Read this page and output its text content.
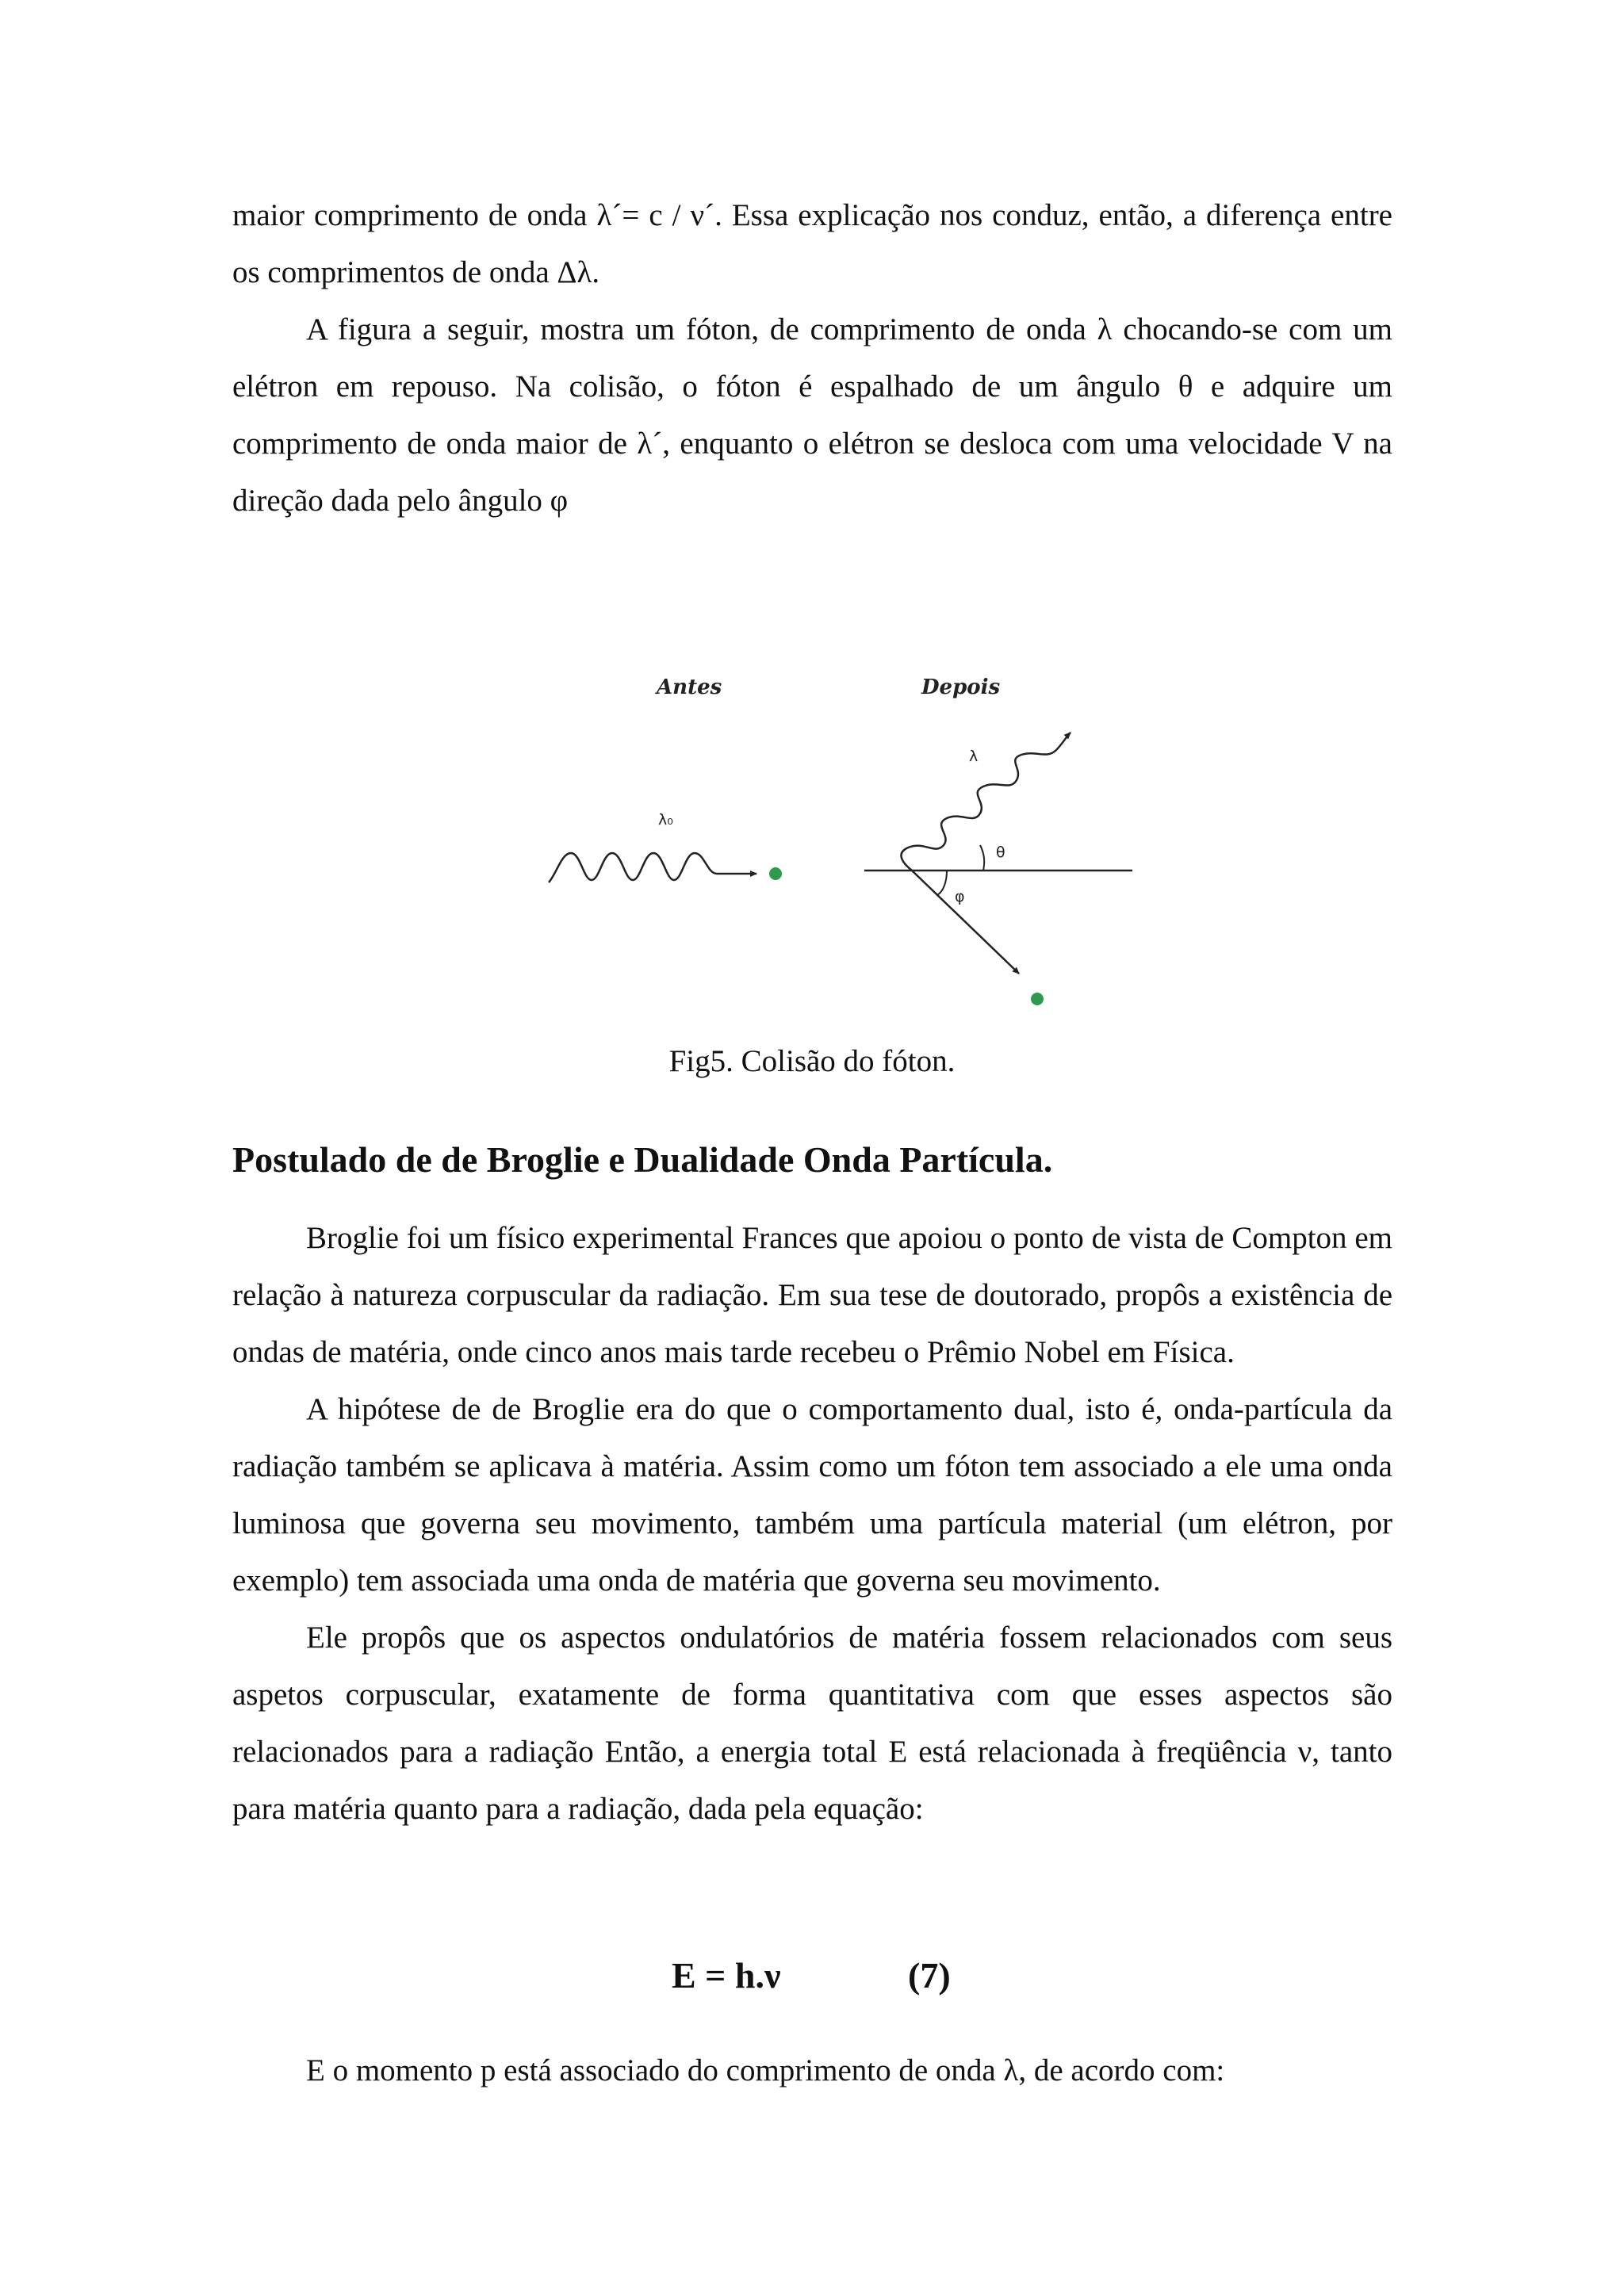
maior comprimento de onda λ´= c / ν´. Essa explicação nos conduz, então, a diferença entre os comprimentos de onda Δλ.

A figura a seguir, mostra um fóton, de comprimento de onda λ chocando-se com um elétron em repouso. Na colisão, o fóton é espalhado de um ângulo θ e adquire um comprimento de onda maior de λ´, enquanto o elétron se desloca com uma velocidade V na direção dada pelo ângulo φ

Antes
λ₀
Depois
λ
θ
φ
Fig5. Colisão do fóton.
Postulado de de Broglie e Dualidade Onda Partícula.

Broglie foi um físico experimental Frances que apoiou o ponto de vista de Compton em relação à natureza corpuscular da radiação. Em sua tese de doutorado, propôs a existência de ondas de matéria, onde cinco anos mais tarde recebeu o Prêmio Nobel em Física.

A hipótese de de Broglie era do que o comportamento dual, isto é, onda-partícula da radiação também se aplicava à matéria. Assim como um fóton tem associado a ele uma onda luminosa que governa seu movimento, também uma partícula material (um elétron, por exemplo) tem associada uma onda de matéria que governa seu movimento.

Ele propôs que os aspectos ondulatórios de matéria fossem relacionados com seus aspetos corpuscular, exatamente de forma quantitativa com que esses aspectos são relacionados para a radiação Então, a energia total E está relacionada à freqüência ν, tanto para matéria quanto para a radiação, dada pela equação:

E = h.ν	(7)

E o momento p está associado do comprimento de onda λ, de acordo com:
